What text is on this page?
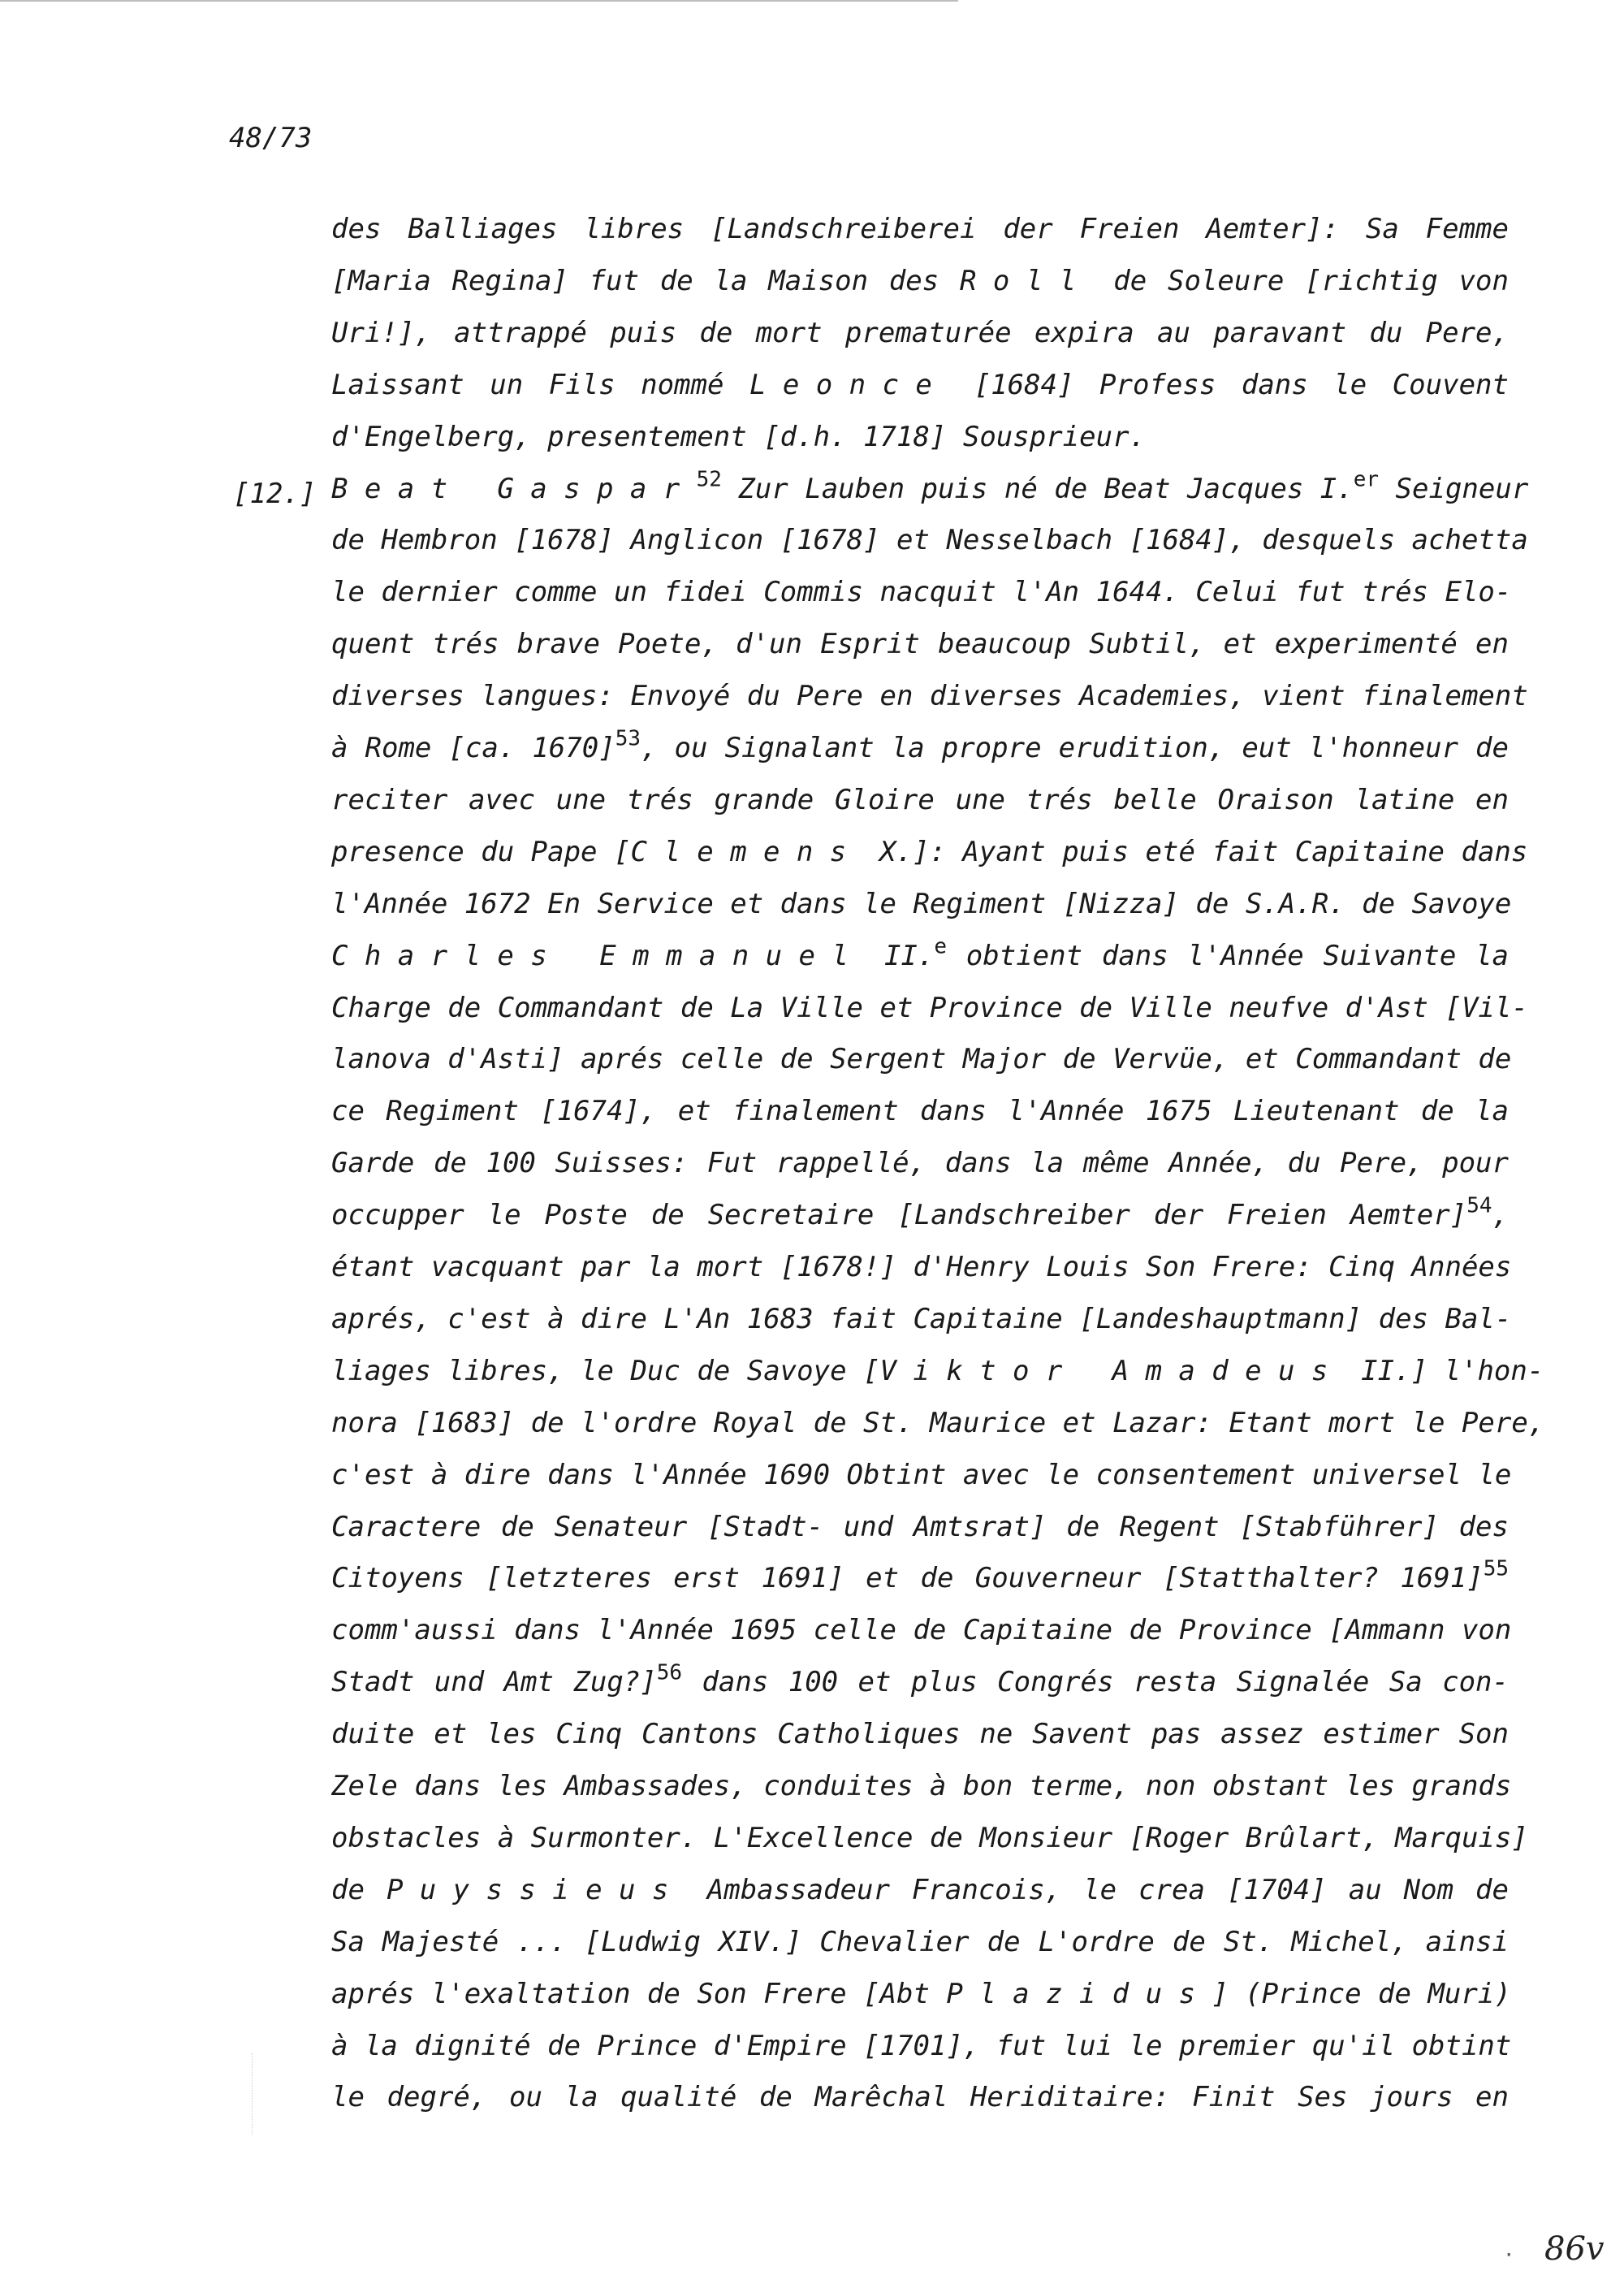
48/73
[12.]
des Balliages libres [Landschreiberei der Freien Aemter]: Sa Femme
[Maria Regina] fut de la Maison des Roll de Soleure [richtig von
Uri!], attrappé puis de mort prematurée expira au paravant du Pere,
Laissant un Fils nommé Leonce [1684] Profess dans le Couvent
d'Engelberg, presentement [d.h. 1718] Sousprieur.
Beat Gaspar$^{52}$ Zur Lauben puis né de Beat Jacques I.$^{er}$ Seigneur
de Hembron [1678] Anglicon [1678] et Nesselbach [1684], desquels achetta
le dernier comme un fidei Commis nacquit l'An 1644. Celui fut trés Elo-
quent trés brave Poete, d'un Esprit beaucoup Subtil, et experimenté en
diverses langues: Envoyé du Pere en diverses Academies, vient finalement
à Rome [ca. 1670]$^{53}$, ou Signalant la propre erudition, eut l'honneur de
reciter avec une trés grande Gloire une trés belle Oraison latine en
presence du Pape [Clemens X.]: Ayant puis eté fait Capitaine dans
l'Année 1672 En Service et dans le Regiment [Nizza] de S.A.R. de Savoye
Charles Emmanuel II.$^e$ obtient dans l'Année Suivante la
Charge de Commandant de La Ville et Province de Ville neufve d'Ast [Vil-
lanova d'Asti] aprés celle de Sergent Major de Vervüe, et Commandant de
ce Regiment [1674], et finalement dans l'Année 1675 Lieutenant de la
Garde de 100 Suisses: Fut rappellé, dans la même Année, du Pere, pour
occupper le Poste de Secretaire [Landschreiber der Freien Aemter]$^{54}$,
étant vacquant par la mort [1678!] d'Henry Louis Son Frere: Cinq Années
aprés, c'est à dire L'An 1683 fait Capitaine [Landeshauptmann] des Bal-
liages libres, le Duc de Savoye [Viktor Amadeus II.] l'hon-
nora [1683] de l'ordre Royal de St. Maurice et Lazar: Etant mort le Pere,
c'est à dire dans l'Année 1690 Obtint avec le consentement universel le
Caractere de Senateur [Stadt- und Amtsrat] de Regent [Stabführer] des
Citoyens [letzteres erst 1691] et de Gouverneur [Statthalter? 1691]$^{55}$
comm'aussi dans l'Année 1695 celle de Capitaine de Province [Ammann von
Stadt und Amt Zug?]$^{56}$ dans 100 et plus Congrés resta Signalée Sa con-
duite et les Cinq Cantons Catholiques ne Savent pas assez estimer Son
Zele dans les Ambassades, conduites à bon terme, non obstant les grands
obstacles à Surmonter. L'Excellence de Monsieur [Roger Brûlart, Marquis]
de Puyssieus Ambassadeur Francois, le crea [1704] au Nom de
Sa Majesté ... [Ludwig XIV.] Chevalier de L'ordre de St. Michel, ainsi
aprés l'exaltation de Son Frere [Abt Plazidus] (Prince de Muri)
à la dignité de Prince d'Empire [1701], fut lui le premier qu'il obtint
le degré, ou la qualité de Marêchal Heriditaire: Finit Ses jours en
· 86v
